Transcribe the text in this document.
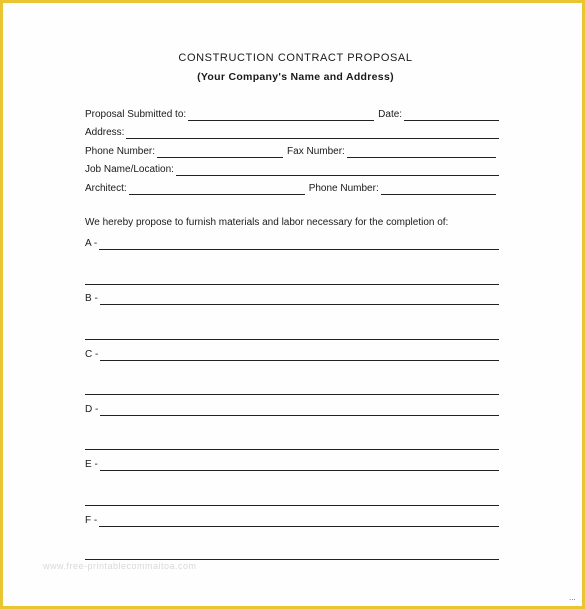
CONSTRUCTION CONTRACT PROPOSAL
(Your Company's Name and Address)
Proposal Submitted to:	Date:
Address:
Phone Number:	Fax Number:
Job Name/Location:
Architect:	Phone Number:
We hereby propose to furnish materials and labor necessary for the completion of:
A -
B -
C -
D -
E -
F -
www.free-printablecommaitoa.com
...
